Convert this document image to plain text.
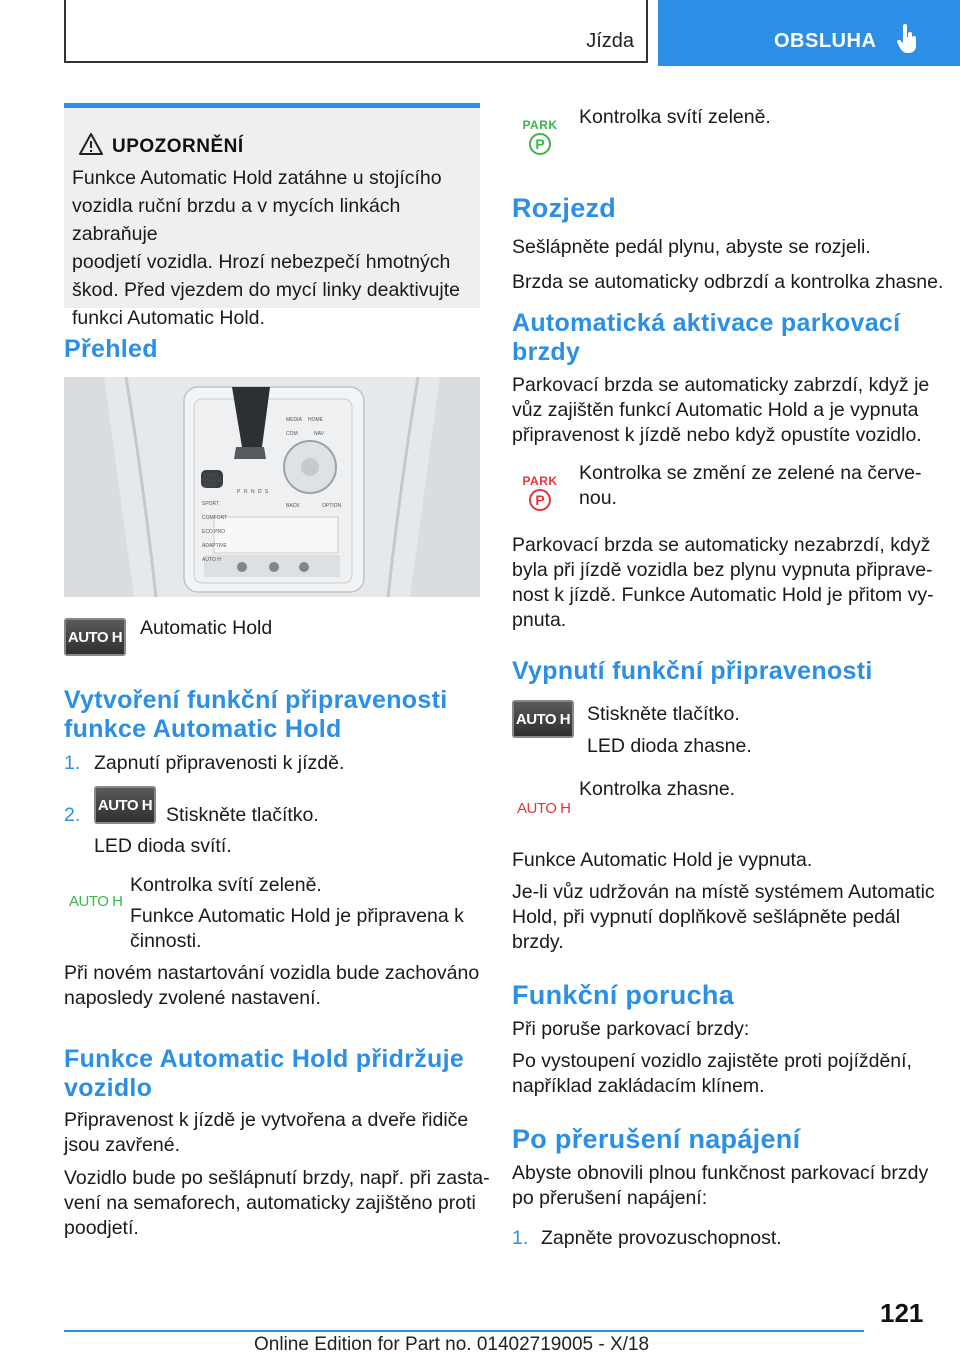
Jízda	OBSLUHA
UPOZORNĚNÍ
Funkce Automatic Hold zatáhne u stojícího
vozidla ruční brzdu a v mycích linkách zabraňuje
poodjetí vozidla. Hrozí nebezpečí hmotných
škod. Před vjezdem do mycí linky deaktivujte
funkci Automatic Hold.
Přehled
START
ENGINE
STOP
SPORT
COMFORT
ECO PRO
ADAPTIVE
AUTO H
MEDIA HOME
COM	NAV
BACK	OPTION
P R N D S
AUTO H Automatic Hold
Vytvoření funkční připravenosti
funkce Automatic Hold
1. Zapnutí připravenosti k jízdě.
2. AUTO H Stiskněte tlačítko.
LED dioda svítí.
AUTO H
Kontrolka svítí zeleně.
Funkce Automatic Hold je připravena k
činnosti.
Při novém nastartování vozidla bude zachováno
naposledy zvolené nastavení.
Funkce Automatic Hold přidržuje
vozidlo
Připravenost k jízdě je vytvořena a dveře řidiče
jsou zavřené.
Vozidlo bude po sešlápnutí brzdy, např. při zasta-
vení na semaforech, automaticky zajištěno proti
poodjetí.
PARK
P
Kontrolka svítí zeleně.
Rozjezd
Sešlápněte pedál plynu, abyste se rozjeli.
Brzda se automaticky odbrzdí a kontrolka zhasne.
Automatická aktivace parkovací
brzdy
Parkovací brzda se automaticky zabrzdí, když je
vůz zajištěn funkcí Automatic Hold a je vypnuta
připravenost k jízdě nebo když opustíte vozidlo.
PARK
P
Kontrolka se změní ze zelené na červe-
nou.
Parkovací brzda se automaticky nezabrzdí, když
byla při jízdě vozidla bez plynu vypnuta připrave-
nost k jízdě. Funkce Automatic Hold je přitom vy-
pnuta.
Vypnutí funkční připravenosti
AUTO H Stiskněte tlačítko.
LED dioda zhasne.
AUTO H
Kontrolka zhasne.
Funkce Automatic Hold je vypnuta.
Je-li vůz udržován na místě systémem Automatic
Hold, při vypnutí doplňkově sešlápněte pedál
brzdy.
Funkční porucha
Při poruše parkovací brzdy:
Po vystoupení vozidlo zajistěte proti pojíždění,
například zakládacím klínem.
Po přerušení napájení
Abyste obnovili plnou funkčnost parkovací brzdy
po přerušení napájení:
1. Zapněte provozuschopnost.
121
Online Edition for Part no. 01402719005 - X/18
